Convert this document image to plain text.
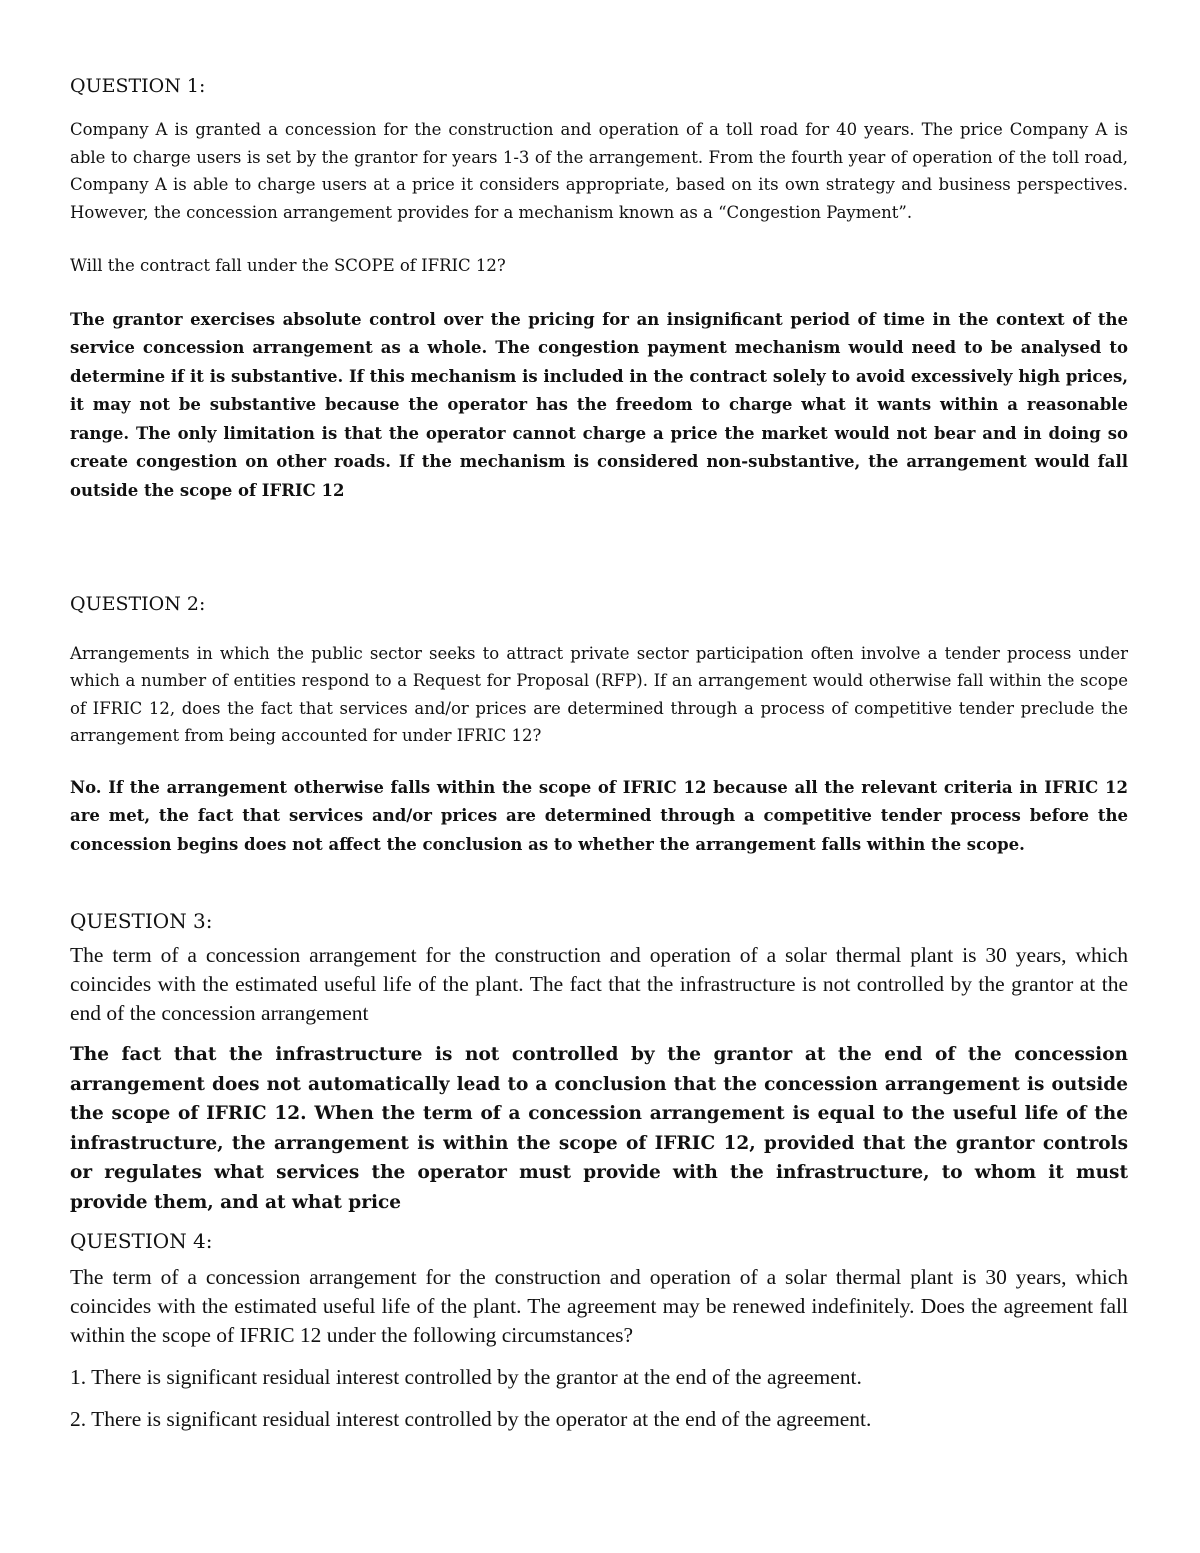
QUESTION 1:

Company A is granted a concession for the construction and operation of a toll road for 40 years. The price Company A is able to charge users is set by the grantor for years 1-3 of the arrangement. From the fourth year of operation of the toll road, Company A is able to charge users at a price it considers appropriate, based on its own strategy and business perspectives. However, the concession arrangement provides for a mechanism known as a “Congestion Payment”.

Will the contract fall under the SCOPE of IFRIC 12?

The grantor exercises absolute control over the pricing for an insignificant period of time in the context of the service concession arrangement as a whole. The congestion payment mechanism would need to be analysed to determine if it is substantive. If this mechanism is included in the contract solely to avoid excessively high prices, it may not be substantive because the operator has the freedom to charge what it wants within a reasonable range. The only limitation is that the operator cannot charge a price the market would not bear and in doing so create congestion on other roads. If the mechanism is considered non-substantive, the arrangement would fall outside the scope of IFRIC 12

QUESTION 2:

Arrangements in which the public sector seeks to attract private sector participation often involve a tender process under which a number of entities respond to a Request for Proposal (RFP). If an arrangement would otherwise fall within the scope of IFRIC 12, does the fact that services and/or prices are determined through a process of competitive tender preclude the arrangement from being accounted for under IFRIC 12?

No. If the arrangement otherwise falls within the scope of IFRIC 12 because all the relevant criteria in IFRIC 12 are met, the fact that services and/or prices are determined through a competitive tender process before the concession begins does not affect the conclusion as to whether the arrangement falls within the scope.

QUESTION 3:

The term of a concession arrangement for the construction and operation of a solar thermal plant is 30 years, which coincides with the estimated useful life of the plant. The fact that the infrastructure is not controlled by the grantor at the end of the concession arrangement

The fact that the infrastructure is not controlled by the grantor at the end of the concession arrangement does not automatically lead to a conclusion that the concession arrangement is outside the scope of IFRIC 12. When the term of a concession arrangement is equal to the useful life of the infrastructure, the arrangement is within the scope of IFRIC 12, provided that the grantor controls or regulates what services the operator must provide with the infrastructure, to whom it must provide them, and at what price

QUESTION 4:

The term of a concession arrangement for the construction and operation of a solar thermal plant is 30 years, which coincides with the estimated useful life of the plant. The agreement may be renewed indefinitely. Does the agreement fall within the scope of IFRIC 12 under the following circumstances?

1. There is significant residual interest controlled by the grantor at the end of the agreement.

2. There is significant residual interest controlled by the operator at the end of the agreement.
